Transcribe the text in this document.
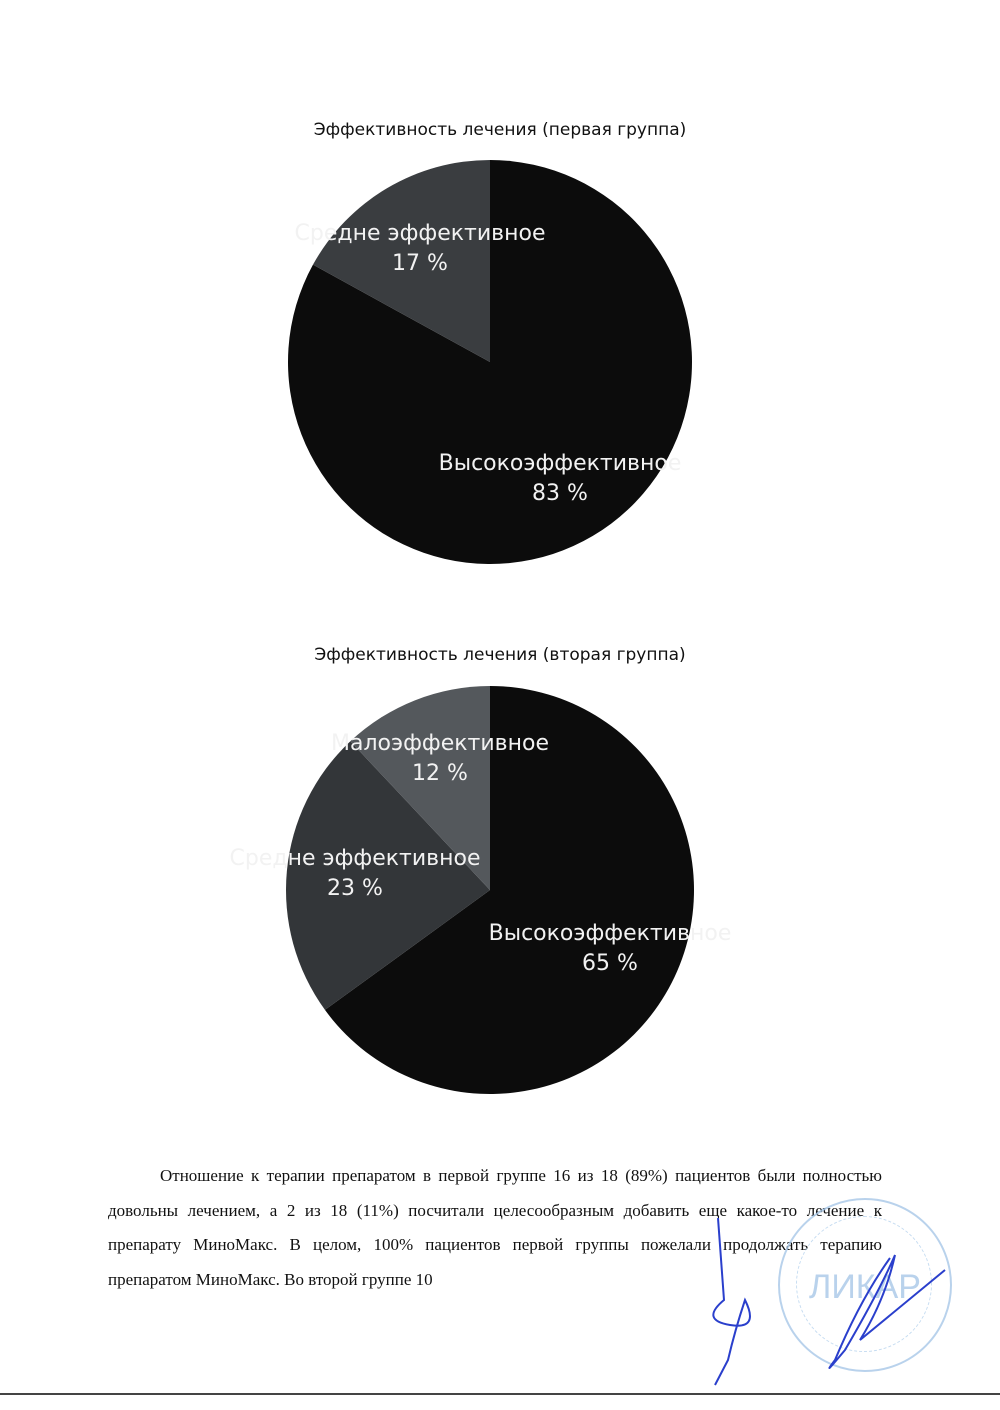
Эффективность лечения (первая группа)
Эффективность лечения (вторая группа)
Высокоэффективное
83 %
Средне эффективное
17 %
Высокоэффективное
65 %
Средне эффективное
23 %
Малоэффективное
12 %

Отношение к терапии препаратом в первой группе 16 из 18 (89%) пациентов были полностью довольны лечением, а 2 из 18 (11%) посчитали целесообразным добавить еще какое-то лечение к препарату МиноМакс. В целом, 100% пациентов первой группы пожелали продолжать терапию препаратом МиноМакс. Во второй группе 10	ЛИКАР
